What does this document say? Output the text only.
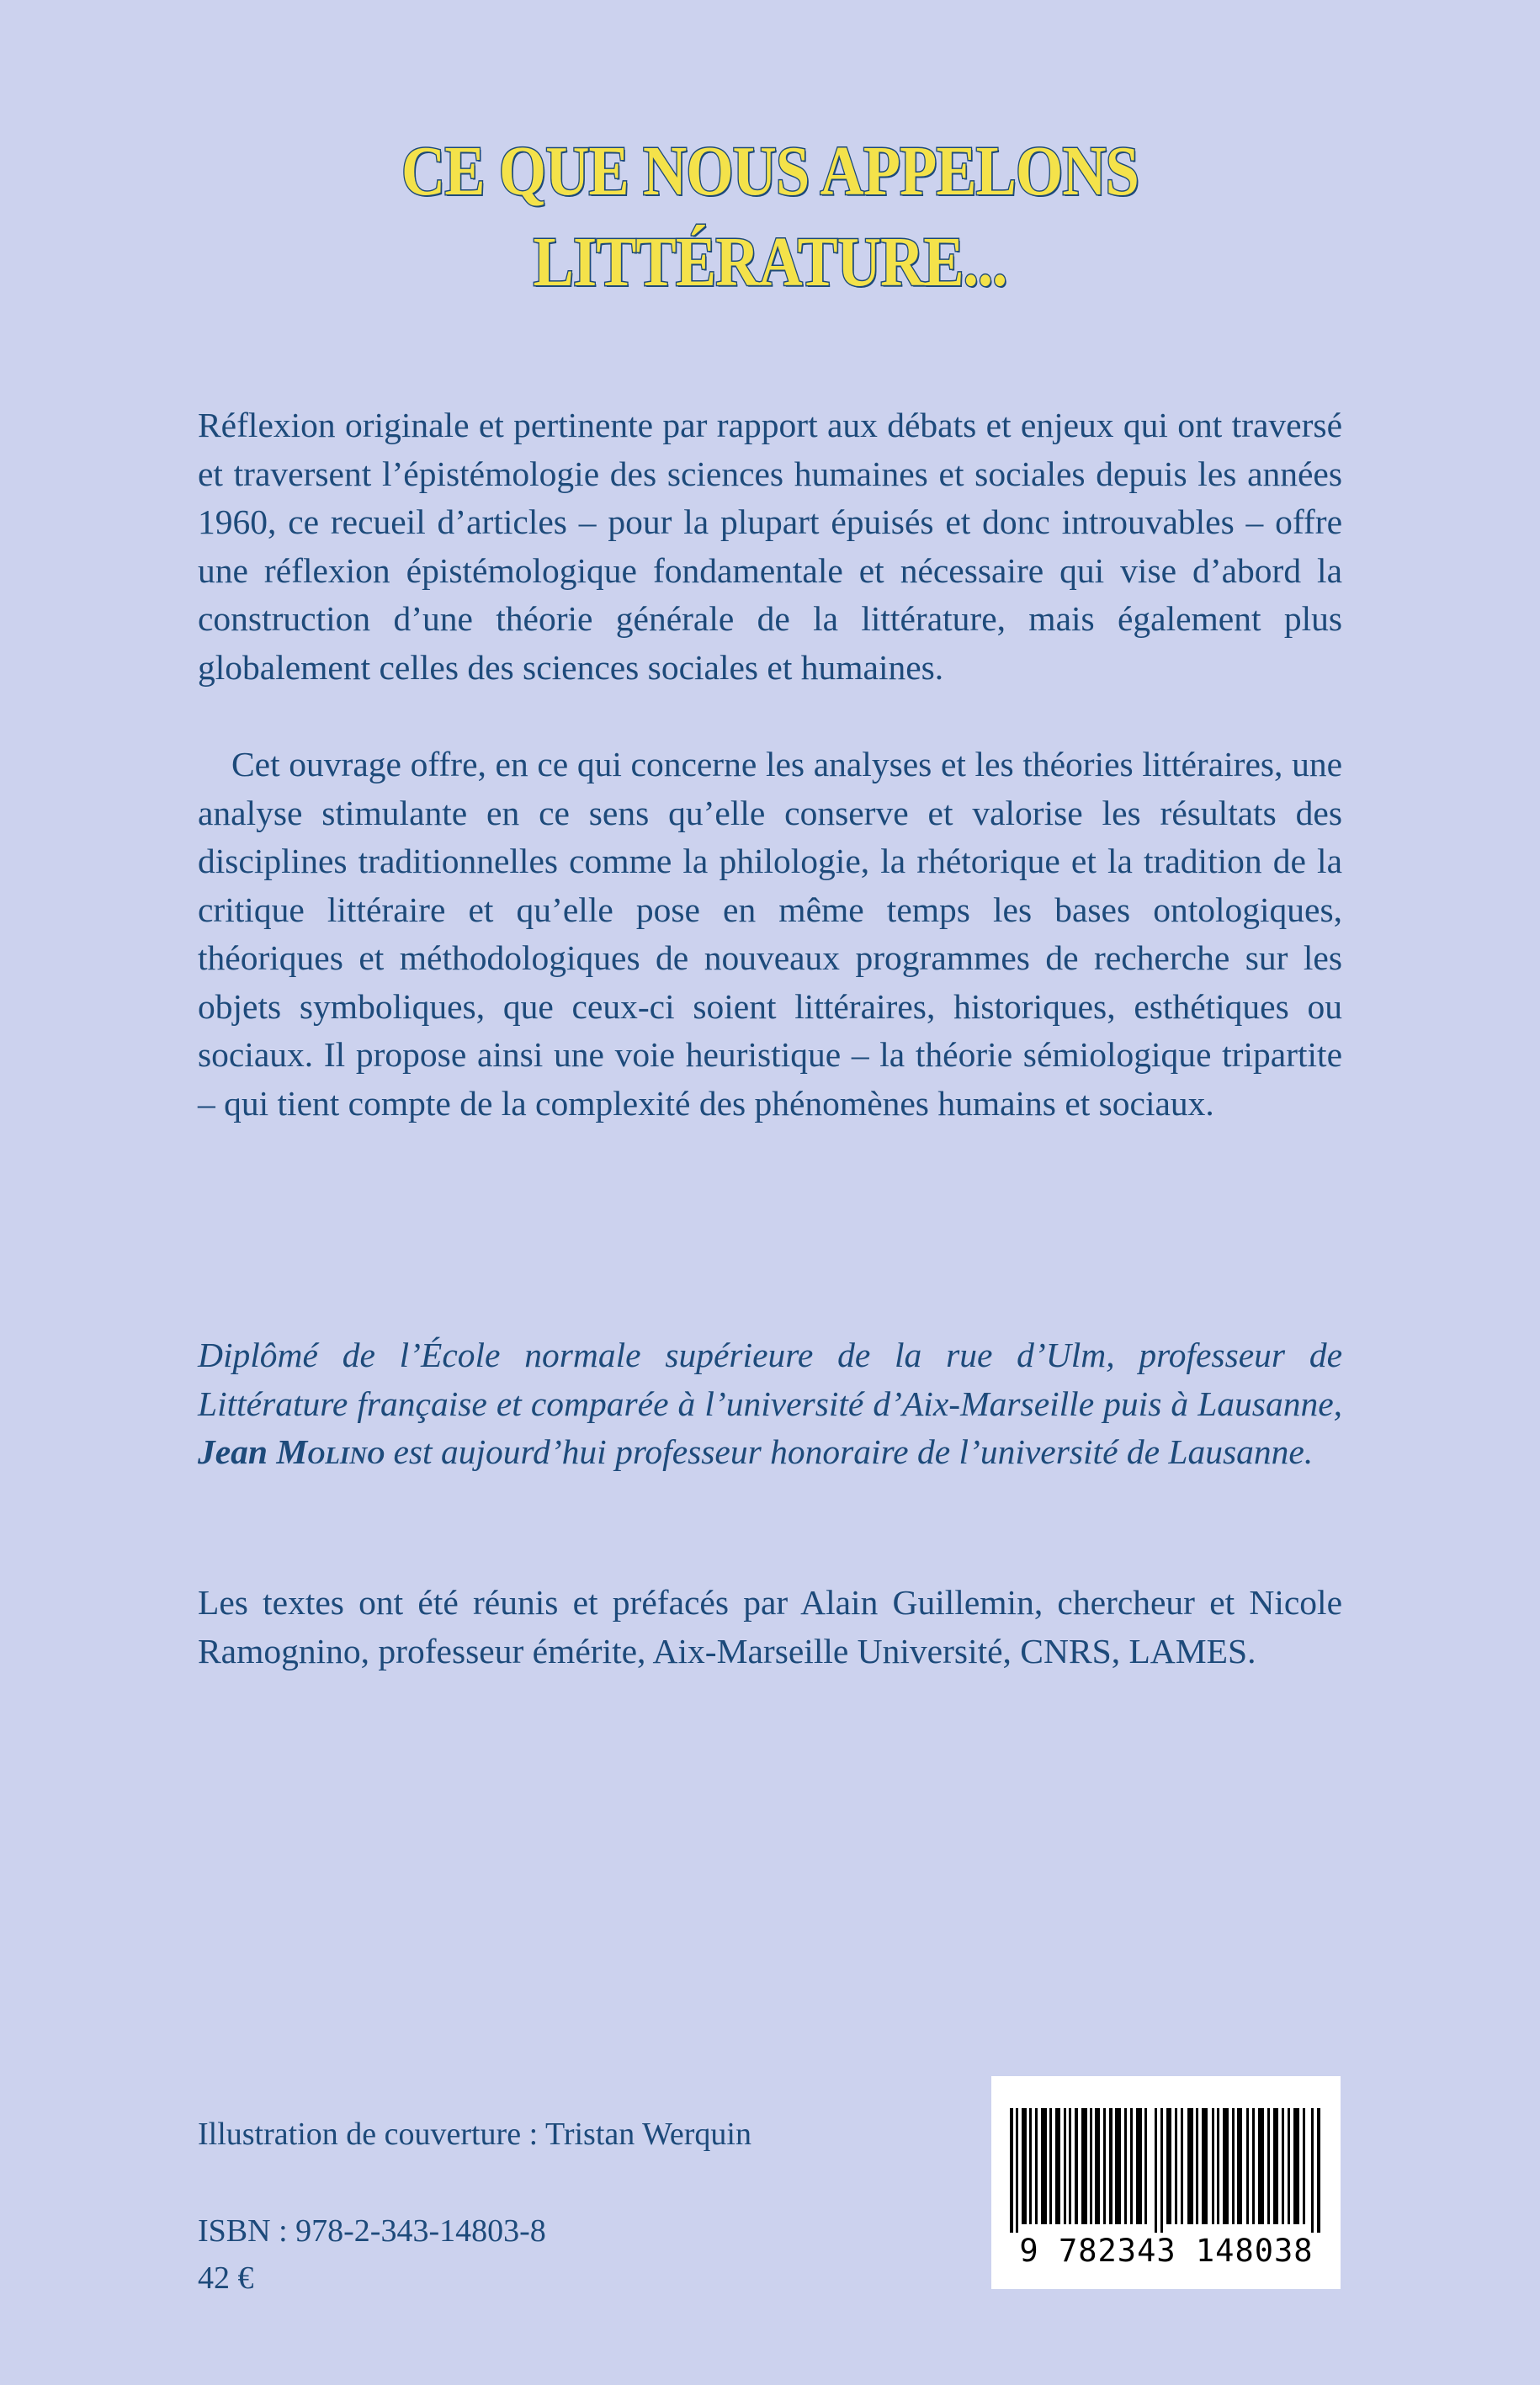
CE QUE NOUS APPELONS
LITTÉRATURE...

Réflexion originale et pertinente par rapport aux débats et enjeux qui ont traversé et traversent l’épistémologie des sciences humaines et sociales depuis les années 1960, ce recueil d’articles – pour la plupart épuisés et donc introuvables – offre une réflexion épistémologique fondamentale et nécessaire qui vise d’abord la construction d’une théorie générale de la littérature, mais également plus globalement celles des sciences sociales et humaines.

Cet ouvrage offre, en ce qui concerne les analyses et les théories littéraires, une analyse stimulante en ce sens qu’elle conserve et valorise les résultats des disciplines traditionnelles comme la philologie, la rhétorique et la tradition de la critique littéraire et qu’elle pose en même temps les bases ontologiques, théoriques et méthodologiques de nouveaux programmes de recherche sur les objets symboliques, que ceux-ci soient littéraires, historiques, esthétiques ou sociaux. Il propose ainsi une voie heuristique – la théorie sémiologique tripartite – qui tient compte de la complexité des phénomènes humains et sociaux.

Diplômé de l’École normale supérieure de la rue d’Ulm, professeur de Littérature française et comparée à l’université d’Aix-Marseille puis à Lausanne, Jean Molino est aujourd’hui professeur honoraire de l’université de Lausanne.
Les textes ont été réunis et préfacés par Alain Guillemin, chercheur et Nicole Ramognino, professeur émérite, Aix-Marseille Université, CNRS, LAMES.
Illustration de couverture : Tristan Werquin
ISBN : 978-2-343-14803-8
42 €
9 782343 148038
